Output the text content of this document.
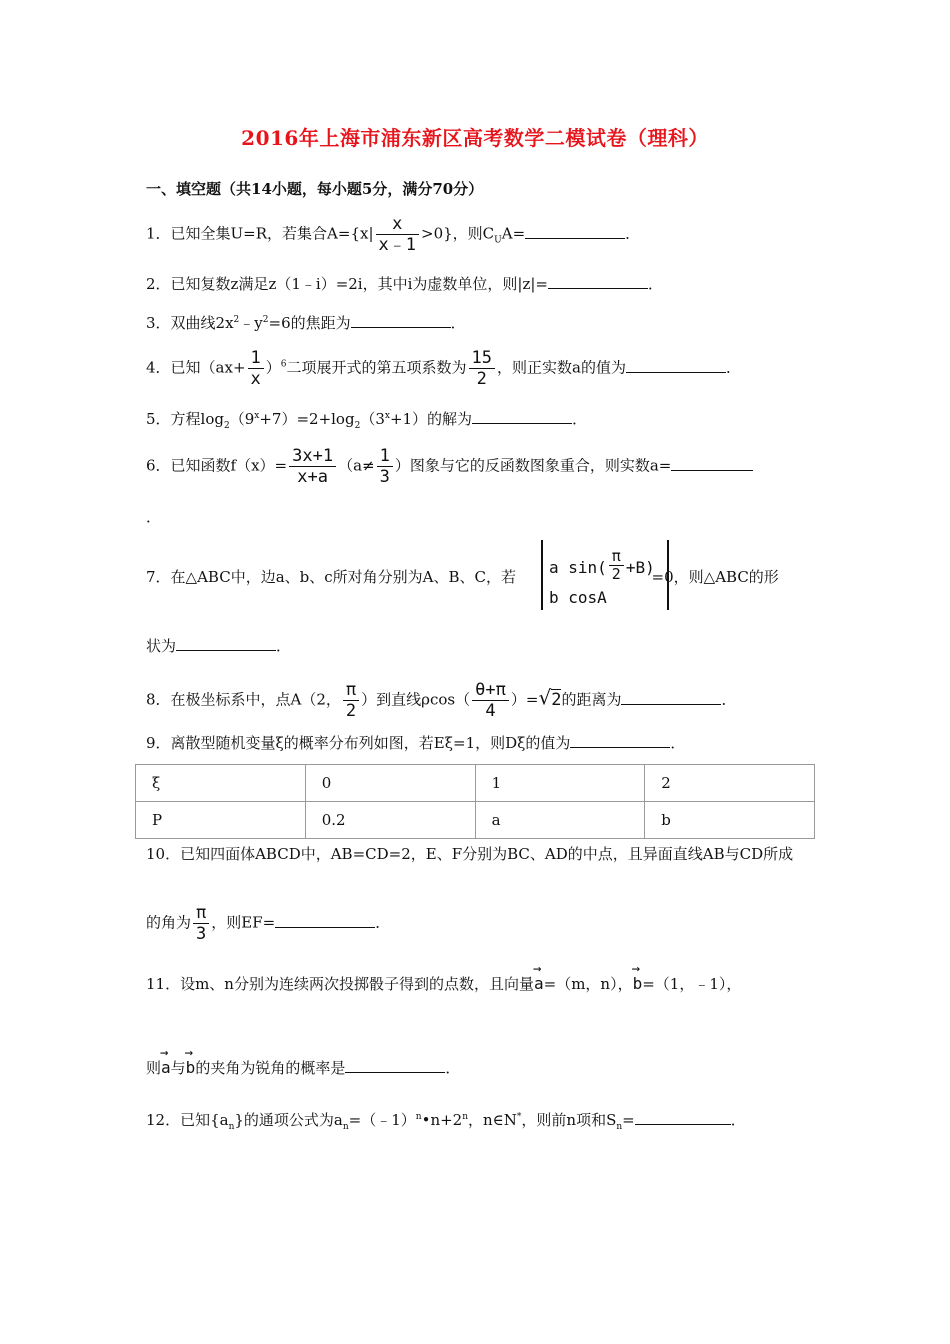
2016年上海市浦东新区高考数学二模试卷（理科）
一、填空题（共14小题，每小题5分，满分70分）
1．已知全集U=R，若集合$A=\{x| \frac{x}{x﹣1} >0\}$，则$C_UA=$	．
2．已知复数z满足z（1﹣i）=2i，其中i为虚数单位，则|z|=	．
3．双曲线$2x^2﹣y^2=6$的焦距为	．
4．已知$(ax+ \frac{1}{x} )^6$二项展开式的第五项系数为 $\frac{15}{2}$ ，则正实数a的值为	．
5．方程$\log_2(9^x+7)=2+\log_2(3^x+1)$的解为	．
6．已知函数$f(x)= \frac{3x+1}{x+a} (a\ne \frac{1}{3}$ ）图象与它的反函数图象重合，则实数a=
．
7．在△ABC中，边a、b、c所对角分别为A、B、C，若	=0，则△ABC的形
a $\sin( \frac{\pi}{2} +B)$
b cosA
状为	．
8．在极坐标系中，点A（2， $\frac{\pi}{2}$ ）到直线$\rho\cos( \frac{\theta+\pi}{4} )=√2$的距离为	．
9．离散型随机变量ξ的概率分布列如图，若Eξ=1，则Dξ的值为	．
ξ	0	1	2
P	0.2	a	b
10．已知四面体ABCD中，AB=CD=2，E、F分别为BC、AD的中点，且异面直线AB与CD所成
的角为 $\frac{\pi}{3}$ ，则EF=	．
11．设m、n分别为连续两次投掷骰子得到的点数，且向量→ a=（m，n），→ b=（1，﹣1），
则→ a与→ b的夹角为锐角的概率是	．
12．已知$\{a_n\}$的通项公式为$a_n=(﹣1)^n•n+2^n$，n∈N*，则前n项和$S_n=$	．
